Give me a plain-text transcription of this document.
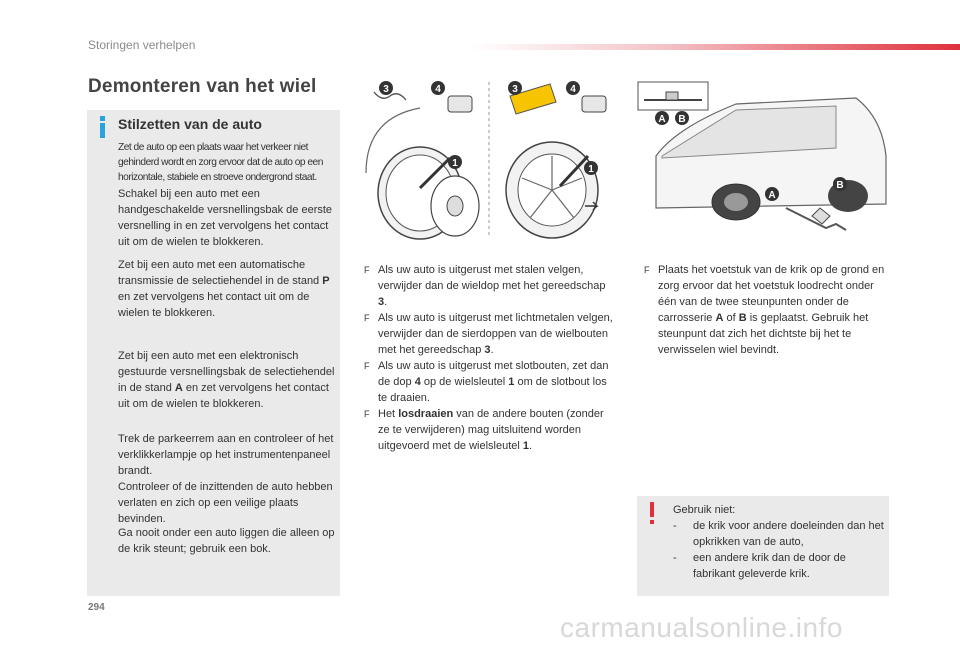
Storingen verhelpen
Demonteren van het wiel
Stilzetten van de auto
Zet de auto op een plaats waar het verkeer niet gehinderd wordt en zorg ervoor dat de auto op een horizontale, stabiele en stroeve ondergrond staat.

Schakel bij een auto met een handgeschakelde versnellingsbak de eerste versnelling in en zet vervolgens het contact uit om de wielen te blokkeren.

Zet bij een auto met een automatische transmissie de selectiehendel in de stand P en zet vervolgens het contact uit om de wielen te blokkeren.

Zet bij een auto met een elektronisch gestuurde versnellingsbak de selectiehendel in de stand A en zet vervolgens het contact uit om de wielen te blokkeren.

Trek de parkeerrem aan en controleer of het verklikkerlampje op het instrumentenpaneel brandt.

Controleer of de inzittenden de auto hebben verlaten en zich op een veilige plaats bevinden.

Ga nooit onder een auto liggen die alleen op de krik steunt; gebruik een bok.

3	4
1
3	4
1
A B
A
B
F Als uw auto is uitgerust met stalen velgen, verwijder dan de wieldop met het gereedschap 3.
F Als uw auto is uitgerust met lichtmetalen velgen, verwijder dan de sierdoppen van de wielbouten met het gereedschap 3.
F Als uw auto is uitgerust met slotbouten, zet dan de dop 4 op de wielsleutel 1 om de slotbout los te draaien.
F Het losdraaien van de andere bouten (zonder ze te verwijderen) mag uitsluitend worden uitgevoerd met de wielsleutel 1.
F Plaats het voetstuk van de krik op de grond en zorg ervoor dat het voetstuk loodrecht onder één van de twee steunpunten onder de carrosserie A of B is geplaatst. Gebruik het steunpunt dat zich het dichtste bij het te verwisselen wiel bevindt.
Gebruik niet:
- de krik voor andere doeleinden dan het opkrikken van de auto,
- een andere krik dan de door de fabrikant geleverde krik.
294
carmanualsonline.info
